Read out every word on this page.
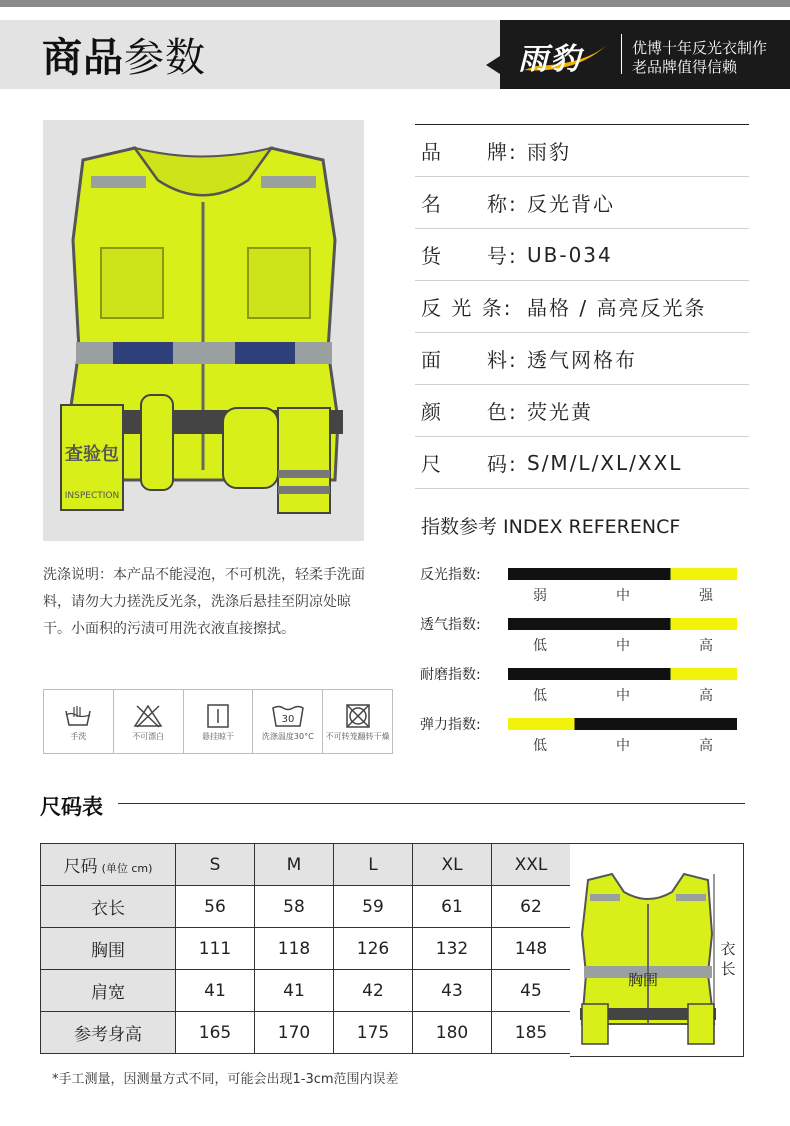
商品参数	雨豹	优博十年反光衣制作
老品牌值得信赖
查验包
INSPECTION
品　　牌: 雨豹
名　　称: 反光背心
货　　号: UB-034
反 光 条: 晶格 / 高亮反光条
面　　料: 透气网格布
颜　　色: 荧光黄
尺　　码: S/M/L/XL/XXL
指数参考 INDEX REFERENCF
反光指数:
弱	中	强
透气指数:
低	中	高
耐磨指数:
低	中	高
弹力指数:
低	中	高
洗涤说明：本产品不能浸泡，不可机洗，轻柔手洗面料，请勿大力搓洗反光条，洗涤后悬挂至阴凉处晾干。小面积的污渍可用洗衣液直接擦拭。
手洗	不可漂白	悬挂晾干
30
洗涤温度30°C 不可转笼翻转干燥
尺码表
尺码 (单位 cm)	S	M	L	XL	XXL
衣长	56	58	59	61	62
胸围	111	118	126	132	148
肩宽	41	41	42	43	45
参考身高	165	170	175	180	185
胸围
衣
长
*手工测量，因测量方式不同，可能会出现1-3cm范围内误差
